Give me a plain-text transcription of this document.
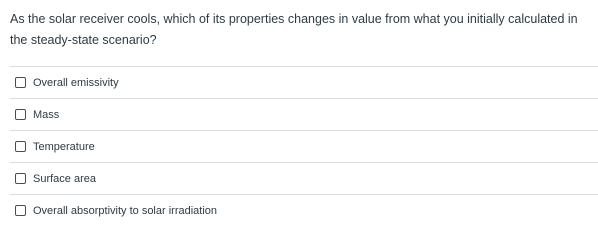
As the solar receiver cools, which of its properties changes in value from what you initially calculated in the steady-state scenario?
Overall emissivity
Mass
Temperature
Surface area
Overall absorptivity to solar irradiation
